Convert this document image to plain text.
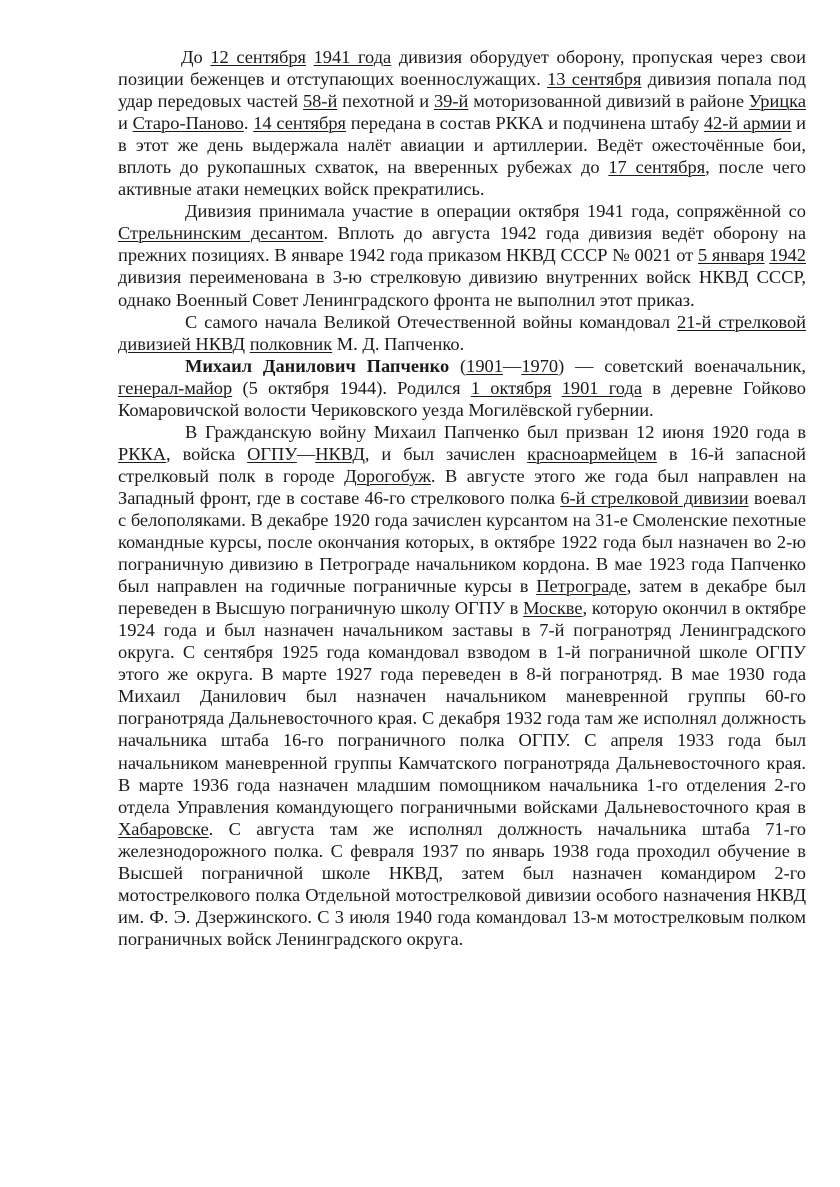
До 12 сентября 1941 года дивизия оборудует оборону, пропуская через свои позиции беженцев и отступающих военнослужащих. 13 сентября дивизия попала под удар передовых частей 58-й пехотной и 39-й моторизованной дивизий в районе Урицка и Старо-Паново. 14 сентября передана в состав РККА и подчинена штабу 42-й армии и в этот же день выдержала налёт авиации и артиллерии. Ведёт ожесточённые бои, вплоть до рукопашных схваток, на вверенных рубежах до 17 сентября, после чего активные атаки немецких войск прекратились.

Дивизия принимала участие в операции октября 1941 года, сопряжённой со Стрельнинским десантом. Вплоть до августа 1942 года дивизия ведёт оборону на прежних позициях. В январе 1942 года приказом НКВД СССР № 0021 от 5 января 1942 дивизия переименована в 3-ю стрелковую дивизию внутренних войск НКВД СССР, однако Военный Совет Ленинградского фронта не выполнил этот приказ.

С самого начала Великой Отечественной войны командовал 21-й стрелковой дивизией НКВД полковник М. Д. Папченко.

Михаил Данилович Папченко (1901—1970) — советский военачальник, генерал-майор (5 октября 1944). Родился 1 октября 1901 года в деревне Гойково Комаровичской волости Чериковского уезда Могилёвской губернии.

В Гражданскую войну Михаил Папченко был призван 12 июня 1920 года в РККА, войска ОГПУ—НКВД, и был зачислен красноармейцем в 16-й запасной стрелковый полк в городе Дорогобуж. В августе этого же года был направлен на Западный фронт, где в составе 46-го стрелкового полка 6-й стрелковой дивизии воевал с белополяками. В декабре 1920 года зачислен курсантом на 31-е Смоленские пехотные командные курсы, после окончания которых, в октябре 1922 года был назначен во 2-ю пограничную дивизию в Петрограде начальником кордона. В мае 1923 года Папченко был направлен на годичные пограничные курсы в Петрограде, затем в декабре был переведен в Высшую пограничную школу ОГПУ в Москве, которую окончил в октябре 1924 года и был назначен начальником заставы в 7-й погранотряд Ленинградского округа. С сентября 1925 года командовал взводом в 1-й пограничной школе ОГПУ этого же округа. В марте 1927 года переведен в 8-й погранотряд. В мае 1930 года Михаил Данилович был назначен начальником маневренной группы 60-го погранотряда Дальневосточного края. С декабря 1932 года там же исполнял должность начальника штаба 16-го пограничного полка ОГПУ. С апреля 1933 года был начальником маневренной группы Камчатского погранотряда Дальневосточного края. В марте 1936 года назначен младшим помощником начальника 1-го отделения 2-го отдела Управления командующего пограничными войсками Дальневосточного края в Хабаровске. С августа там же исполнял должность начальника штаба 71-го железнодорожного полка. С февраля 1937 по январь 1938 года проходил обучение в Высшей пограничной школе НКВД, затем был назначен командиром 2-го мотострелкового полка Отдельной мотострелковой дивизии особого назначения НКВД им. Ф. Э. Дзержинского. С 3 июля 1940 года командовал 13-м мотострелковым полком пограничных войск Ленинградского округа.
